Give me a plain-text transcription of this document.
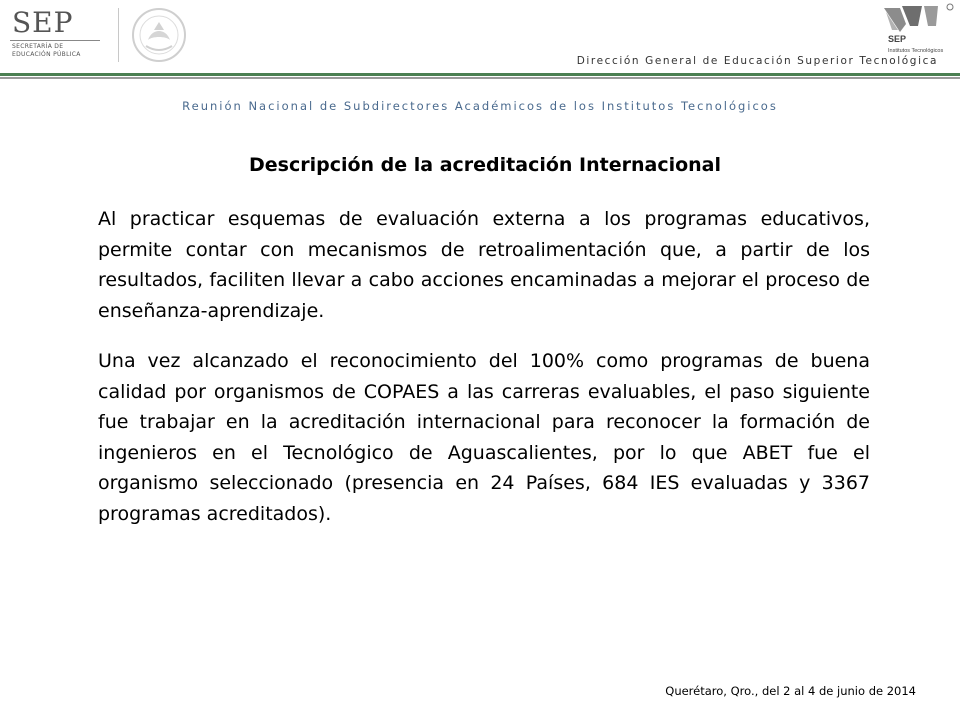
SEP
SECRETARÍA DE
EDUCACIÓN PÚBLICA
SEP
Institutos Tecnológicos
Dirección General de Educación Superior Tecnológica
Reunión Nacional de Subdirectores Académicos de los Institutos Tecnológicos
Descripción de la acreditación Internacional
Al practicar esquemas de evaluación externa a los programas educativos, permite contar con mecanismos de retroalimentación que, a partir de los resultados, faciliten llevar a cabo acciones encaminadas a mejorar el proceso de enseñanza-aprendizaje.
Una vez alcanzado el reconocimiento del 100% como programas de buena calidad por organismos de COPAES a las carreras evaluables, el paso siguiente fue trabajar en la acreditación internacional para reconocer la formación de ingenieros en el Tecnológico de Aguascalientes, por lo que ABET fue el organismo seleccionado (presencia en 24 Países, 684 IES evaluadas y 3367 programas acreditados).
Querétaro, Qro., del 2 al 4 de junio de 2014
